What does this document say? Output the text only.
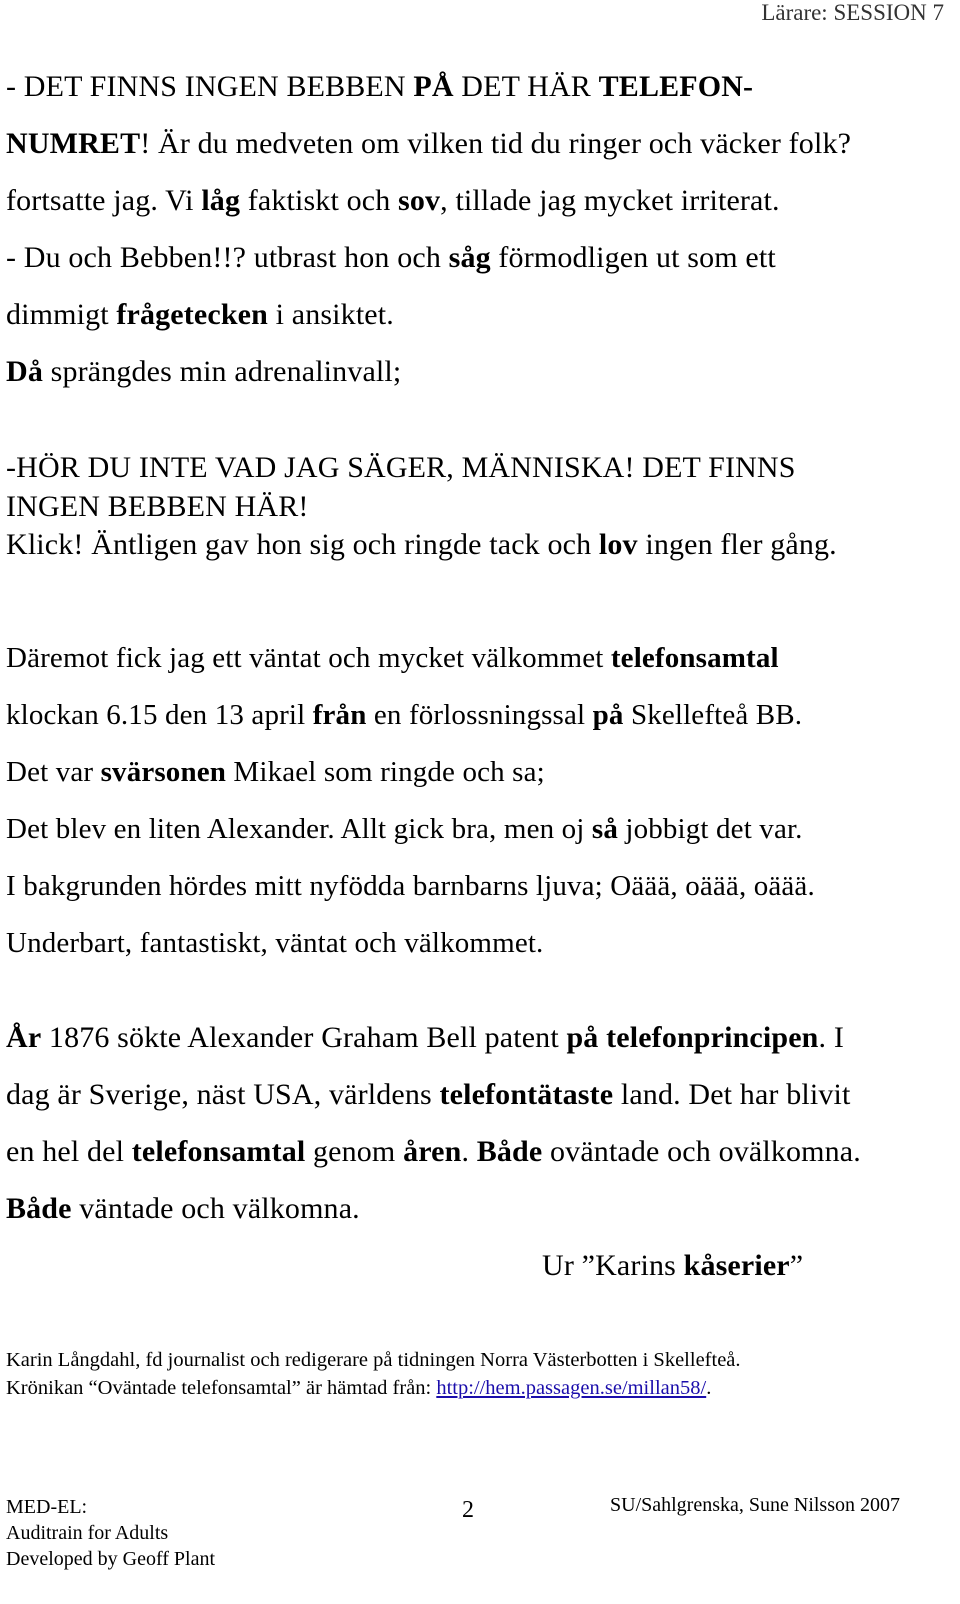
Lärare: SESSION 7
- DET FINNS INGEN BEBBEN PÅ DET HÄR TELEFON-
NUMRET! Är du medveten om vilken tid du ringer och väcker folk?
fortsatte jag. Vi låg faktiskt och sov, tillade jag mycket irriterat.
- Du och Bebben!!? utbrast hon och såg förmodligen ut som ett
dimmigt frågetecken i ansiktet.
Då sprängdes min adrenalinvall;
-HÖR DU INTE VAD JAG SÄGER, MÄNNISKA! DET FINNS
INGEN BEBBEN HÄR!
Klick! Äntligen gav hon sig och ringde tack och lov ingen fler gång.
Däremot fick jag ett väntat och mycket välkommet telefonsamtal
klockan 6.15 den 13 april från en förlossningssal på Skellefteå BB.
Det var svärsonen Mikael som ringde och sa;
Det blev en liten Alexander. Allt gick bra, men oj så jobbigt det var.
I bakgrunden hördes mitt nyfödda barnbarns ljuva; Oäää, oäää, oäää.
Underbart, fantastiskt, väntat och välkommet.
År 1876 sökte Alexander Graham Bell patent på telefonprincipen. I
dag är Sverige, näst USA, världens telefontätaste land. Det har blivit
en hel del telefonsamtal genom åren. Både oväntade och ovälkomna.
Både väntade och välkomna.
Ur ”Karins kåserier”
Karin Långdahl, fd journalist och redigerare på tidningen Norra Västerbotten i Skellefteå.
Krönikan “Oväntade telefonsamtal” är hämtad från: http://hem.passagen.se/millan58/.
MED-EL:
Auditrain for Adults
Developed by Geoff Plant
2	SU/Sahlgrenska, Sune Nilsson 2007
